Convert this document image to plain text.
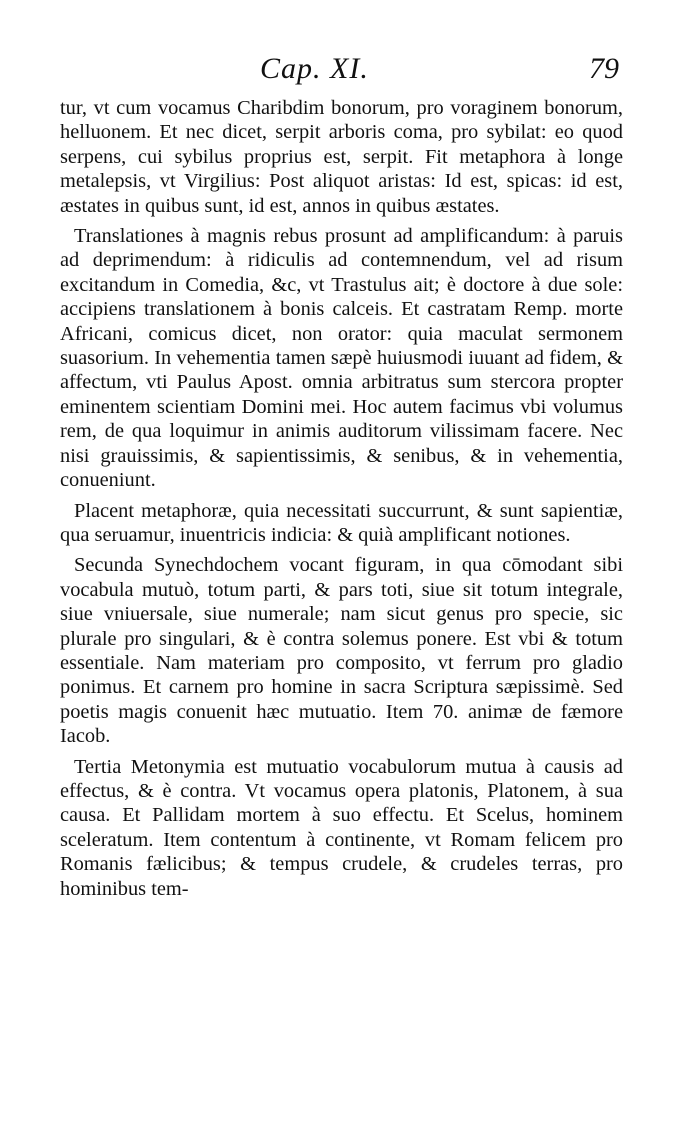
Cap. XI.	79

tur, vt cum vocamus Charibdim bonorum, pro voraginem bonorum, helluonem. Et nec dicet, serpit arboris coma, pro sybilat: eo quod serpens, cui sybilus proprius est, serpit. Fit metaphora à longe metalepsis, vt Virgilius: Post aliquot aristas: Id est, spicas: id est, æstates in quibus sunt, id est, annos in quibus æstates.

Translationes à magnis rebus prosunt ad amplificandum: à paruis ad deprimendum: à ridiculis ad contemnendum, vel ad risum excitandum in Comedia, &c, vt Trastulus ait; è doctore à due sole: accipiens translationem à bonis calceis. Et castratam Remp. morte Africani, comicus dicet, non orator: quia maculat sermonem suasorium. In vehementia tamen sæpè huiusmodi iuuant ad fidem, & affectum, vti Paulus Apost. omnia arbitratus sum stercora propter eminentem scientiam Domini mei. Hoc autem facimus vbi volumus rem, de qua loquimur in animis auditorum vilissimam facere. Nec nisi grauissimis, & sapientissimis, & senibus, & in vehementia, conueniunt.

Placent metaphoræ, quia necessitati succurrunt, & sunt sapientiæ, qua seruamur, inuentricis indicia: & quià amplificant notiones.

Secunda Synechdochem vocant figuram, in qua cōmodant sibi vocabula mutuò, totum parti, & pars toti, siue sit totum integrale, siue vniuersale, siue numerale; nam sicut genus pro specie, sic plurale pro singulari, & è contra solemus ponere. Est vbi & totum essentiale. Nam materiam pro composito, vt ferrum pro gladio ponimus. Et carnem pro homine in sacra Scriptura sæpissimè. Sed poetis magis conuenit hæc mutuatio. Item 70. animæ de fæmore Iacob.

Tertia Metonymia est mutuatio vocabulorum mutua à causis ad effectus, & è contra. Vt vocamus opera platonis, Platonem, à sua causa. Et Pallidam mortem à suo effectu. Et Scelus, hominem sceleratum. Item contentum à continente, vt Romam felicem pro Romanis fælicibus; & tempus crudele, & crudeles terras, pro hominibus tem-
